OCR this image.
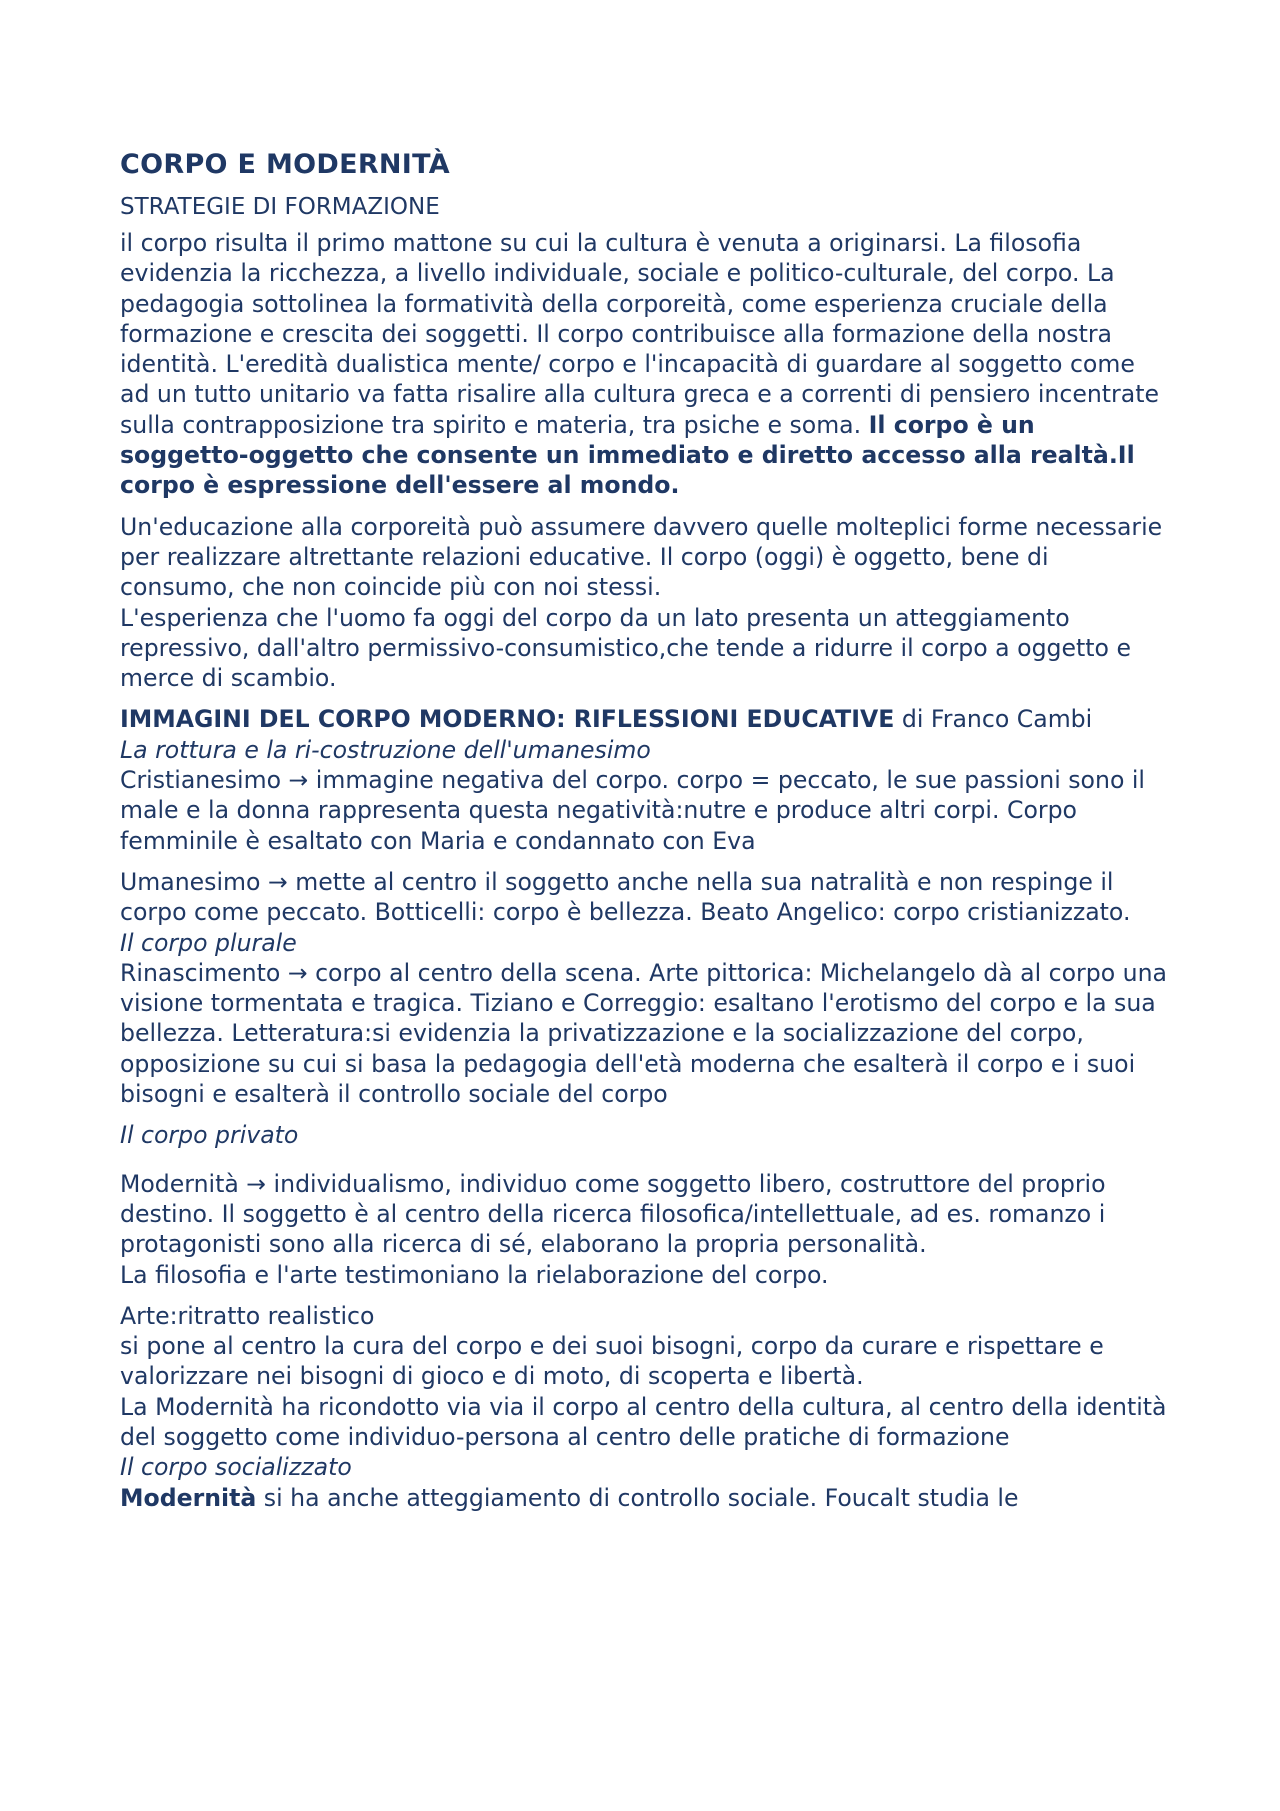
CORPO E MODERNITÀ
STRATEGIE DI FORMAZIONE

il corpo risulta il primo mattone su cui la cultura è venuta a originarsi. La filosofia evidenzia la ricchezza, a livello individuale, sociale e politico-culturale, del corpo. La pedagogia sottolinea la formatività della corporeità, come esperienza cruciale della formazione e crescita dei soggetti. Il corpo contribuisce alla formazione della nostra identità. L'eredità dualistica mente/ corpo e l'incapacità di guardare al soggetto come ad un tutto unitario va fatta risalire alla cultura greca e a correnti di pensiero incentrate sulla contrapposizione tra spirito e materia, tra psiche e soma. Il corpo è un soggetto-oggetto che consente un immediato e diretto accesso alla realtà.Il corpo è espressione dell'essere al mondo.

Un'educazione alla corporeità può assumere davvero quelle molteplici forme necessarie per realizzare altrettante relazioni educative. Il corpo (oggi) è oggetto, bene di consumo, che non coincide più con noi stessi.
L'esperienza che l'uomo fa oggi del corpo da un lato presenta un atteggiamento repressivo, dall'altro permissivo-consumistico,che tende a ridurre il corpo a oggetto e merce di scambio.

IMMAGINI DEL CORPO MODERNO: RIFLESSIONI EDUCATIVE di Franco Cambi

La rottura e la ri-costruzione dell'umanesimo

Cristianesimo → immagine negativa del corpo. corpo = peccato, le sue passioni sono il male e la donna rappresenta questa negatività:nutre e produce altri corpi. Corpo femminile è esaltato con Maria e condannato con Eva

Umanesimo → mette al centro il soggetto anche nella sua natralità e non respinge il corpo come peccato. Botticelli: corpo è bellezza. Beato Angelico: corpo cristianizzato.

Il corpo plurale

Rinascimento → corpo al centro della scena. Arte pittorica: Michelangelo dà al corpo una visione tormentata e tragica. Tiziano e Correggio: esaltano l'erotismo del corpo e la sua bellezza. Letteratura:si evidenzia la privatizzazione e la socializzazione del corpo, opposizione su cui si basa la pedagogia dell'età moderna che esalterà il corpo e i suoi bisogni e esalterà il controllo sociale del corpo

Il corpo privato

Modernità → individualismo, individuo come soggetto libero, costruttore del proprio destino. Il soggetto è al centro della ricerca filosofica/intellettuale, ad es. romanzo i protagonisti sono alla ricerca di sé, elaborano la propria personalità.
La filosofia e l'arte testimoniano la rielaborazione del corpo.

Arte:ritratto realistico
si pone al centro la cura del corpo e dei suoi bisogni, corpo da curare e rispettare e valorizzare nei bisogni di gioco e di moto, di scoperta e libertà.
La Modernità ha ricondotto via via il corpo al centro della cultura, al centro della identità del soggetto come individuo-persona al centro delle pratiche di formazione

Il corpo socializzato

Modernità si ha anche atteggiamento di controllo sociale. Foucalt studia le
